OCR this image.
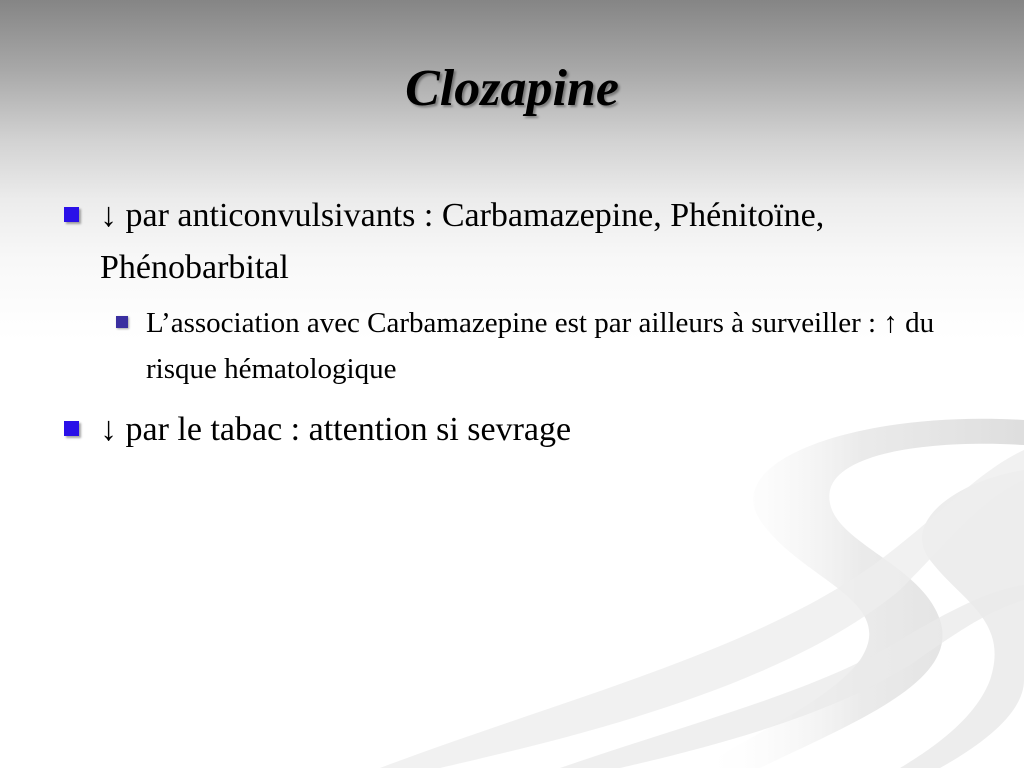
Clozapine
↓ par anticonvulsivants : Carbamazepine, Phénitoïne, Phénobarbital
L’association avec Carbamazepine est par ailleurs à surveiller : ↑ du risque hématologique
↓ par le tabac : attention si sevrage
